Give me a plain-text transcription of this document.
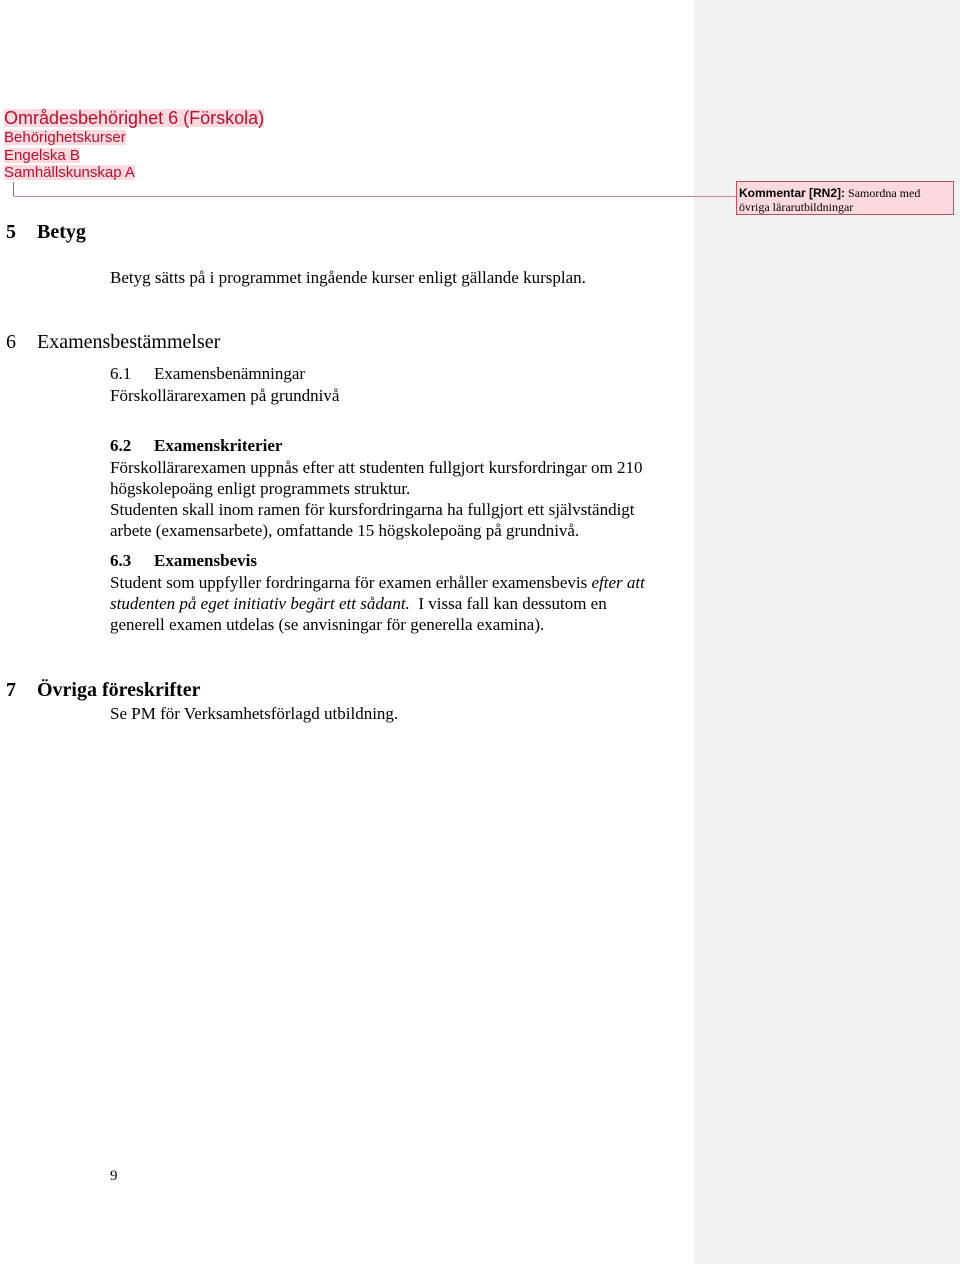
Områdesbehörighet 6 (Förskola)
Behörighetskurser
Engelska B
Samhällskunskap A
5 Betyg
Betyg sätts på i programmet ingående kurser enligt gällande kursplan.
6 Examensbestämmelser
6.1 Examensbenämningar
Förskollärarexamen på grundnivå
6.2 Examenskriterier
Förskollärarexamen uppnås efter att studenten fullgjort kursfordringar om 210
högskolepoäng enligt programmets struktur.
Studenten skall inom ramen för kursfordringarna ha fullgjort ett självständigt
arbete (examensarbete), omfattande 15 högskolepoäng på grundnivå.
6.3 Examensbevis
Student som uppfyller fordringarna för examen erhåller examensbevis efter att
studenten på eget initiativ begärt ett sådant.  I vissa fall kan dessutom en
generell examen utdelas (se anvisningar för generella examina).
7 Övriga föreskrifter
Se PM för Verksamhetsförlagd utbildning.
9
Kommentar [RN2]: Samordna med
övriga lärarutbildningar
